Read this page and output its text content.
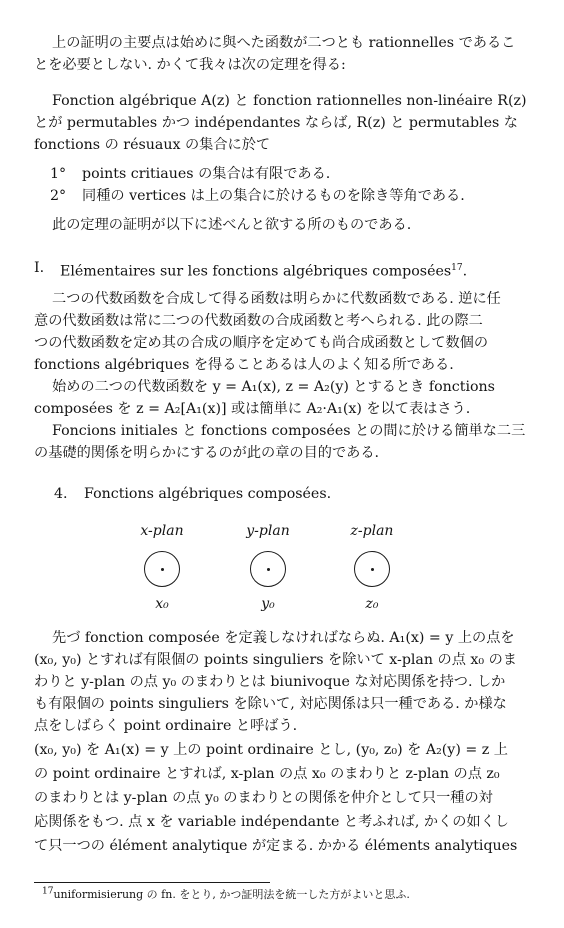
上の証明の主要点は始めに與へた函数が二つとも rationnelles であるこ
とを必要としない. かくて我々は次の定理を得る:
Fonction algébrique A(z) と fonction rationnelles non-linéaire R(z)
とが permutables かつ indépendantes ならば, R(z) と permutables な
fonctions の résuaux の集合に於て
1° points critiaues の集合は有限である.
2° 同種の vertices は上の集合に於けるものを除き等角である.
此の定理の証明が以下に述べんと欲する所のものである.
I. Elémentaires sur les fonctions algébriques composées$^{17}$.
二つの代数函数を合成して得る函数は明らかに代数函数である. 逆に任
意の代数函数は常に二つの代数函数の合成函数と考へられる. 此の際二
つの代数函数を定め其の合成の順序を定めても尚合成函数として数個の
fonctions algébriques を得ることあるは人のよく知る所である.
始めの二つの代数函数を y = A₁(x), z = A₂(y) とするとき fonctions
composées を z = A₂[A₁(x)] 或は簡単に A₂·A₁(x) を以て表はさう.
Foncions initiales と fonctions composées との間に於ける簡単な二三
の基礎的関係を明らかにするのが此の章の目的である.
4. Fonctions algébriques composées.
x-plan	y-plan	z-plan
x₀	y₀	z₀
先づ fonction composée を定義しなければならぬ. A₁(x) = y 上の点を
(x₀, y₀) とすれば有限個の points singuliers を除いて x-plan の点 x₀ のま
わりと y-plan の点 y₀ のまわりとは biunivoque な対応関係を持つ. しか
も有限個の points singuliers を除いて, 対応関係は只一種である. か様な
点をしばらく point ordinaire と呼ばう.
(x₀, y₀) を A₁(x) = y 上の point ordinaire とし, (y₀, z₀) を A₂(y) = z 上
の point ordinaire とすれば, x-plan の点 x₀ のまわりと z-plan の点 z₀
のまわりとは y-plan の点 y₀ のまわりとの関係を仲介として只一種の対
応関係をもつ. 点 x を variable indépendante と考ふれば, かくの如くし
て只一つの élément analytique が定まる. かかる éléments analytiques
$^{17}$uniformisierung の fn. をとり, かつ証明法を統一した方がよいと思ふ.
